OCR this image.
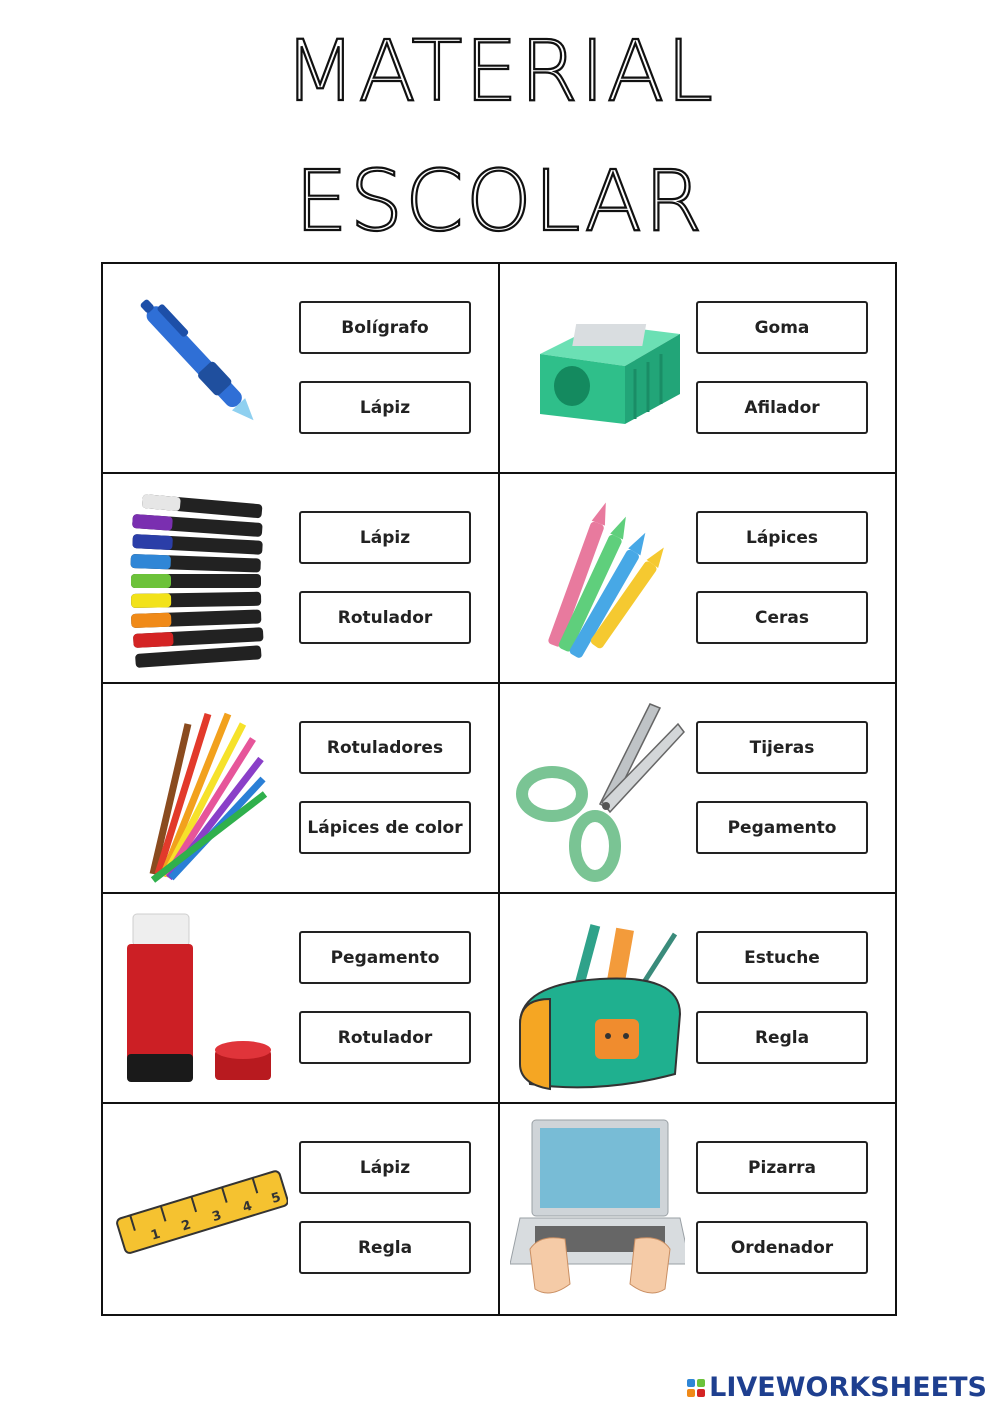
MATERIAL
ESCOLAR
Bolígrafo
Lápiz
Goma
Afilador
Lápiz
Rotulador
Lápices
Ceras
Rotuladores
Lápices de color
Tijeras
Pegamento
Pegamento
Rotulador
Estuche
Regla
1
2
3
4
5
Lápiz
Regla
Pizarra
Ordenador
LIVEWORKSHEETS
